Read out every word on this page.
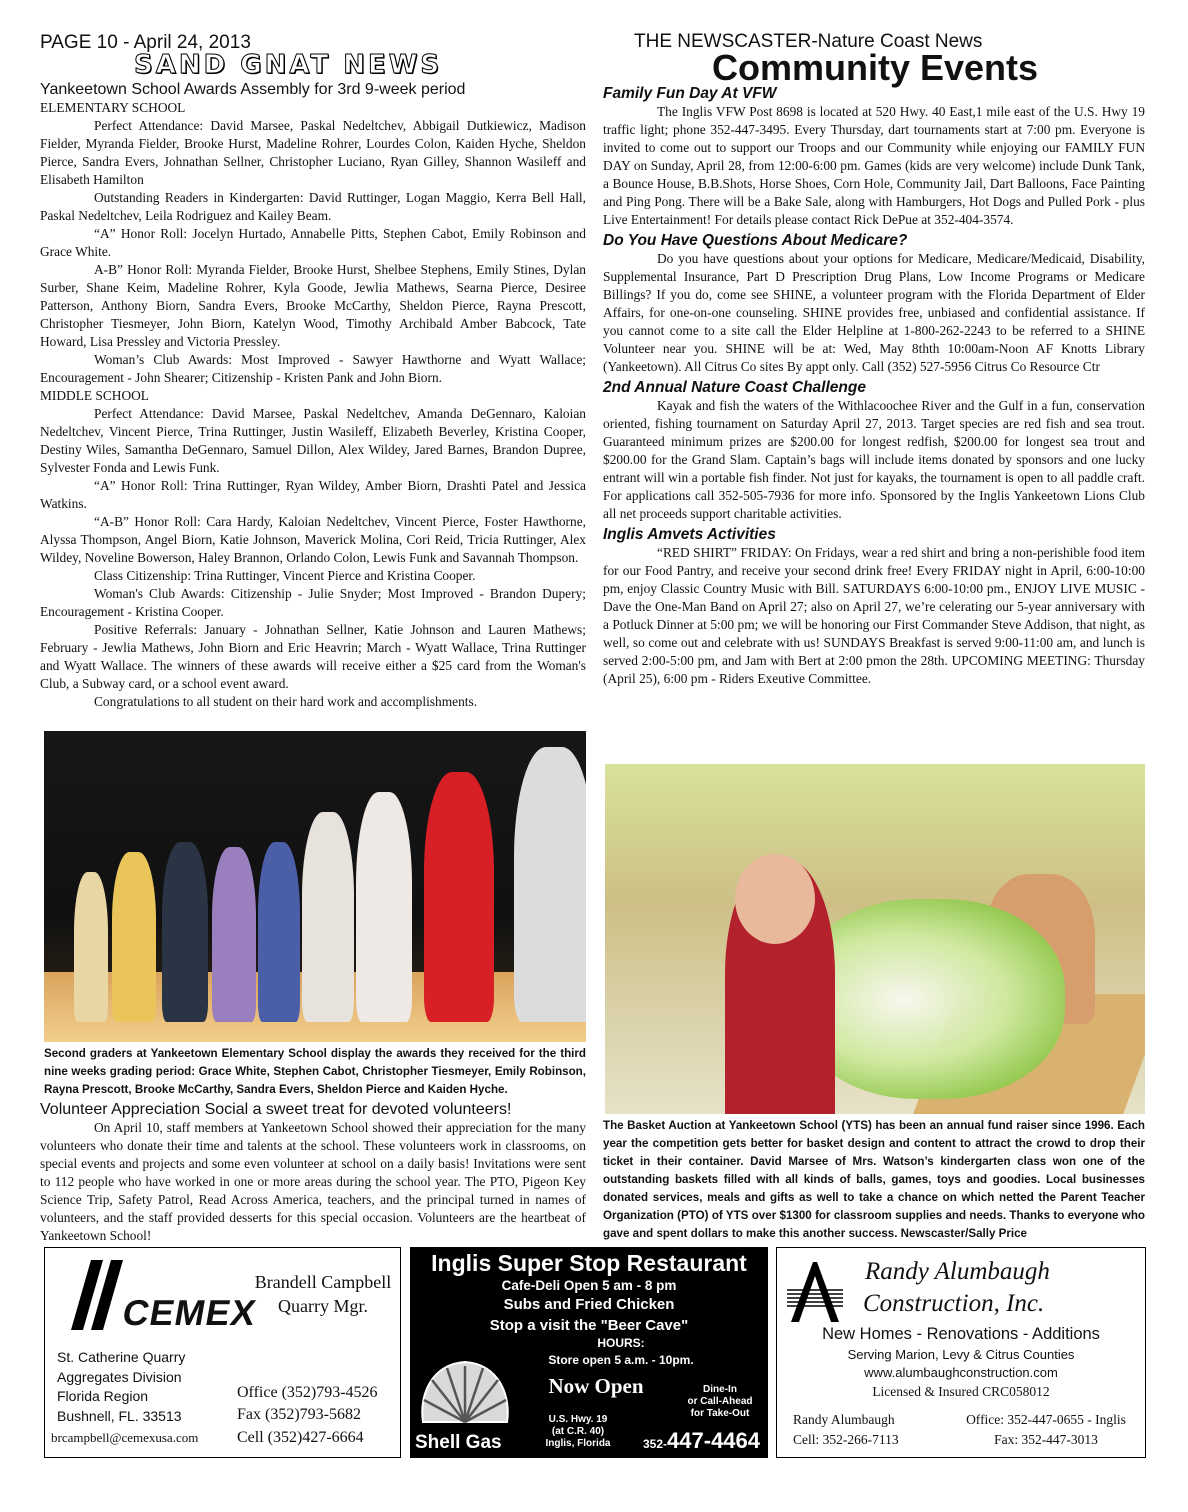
PAGE 10 - April 24, 2013
SAND GNAT NEWS
THE NEWSCASTER-Nature Coast News
Community Events
Yankeetown School Awards Assembly for 3rd 9-week period

ELEMENTARY SCHOOL

Perfect Attendance: David Marsee, Paskal Nedeltchev, Abbigail Dutkiewicz, Madison Fielder, Myranda Fielder, Brooke Hurst, Madeline Rohrer, Lourdes Colon, Kaiden Hyche, Sheldon Pierce, Sandra Evers, Johnathan Sellner, Christopher Luciano, Ryan Gilley, Shannon Wasileff and Elisabeth Hamilton

Outstanding Readers in Kindergarten: David Ruttinger, Logan Maggio, Kerra Bell Hall, Paskal Nedeltchev, Leila Rodriguez and Kailey Beam.

“A” Honor Roll: Jocelyn Hurtado, Annabelle Pitts, Stephen Cabot, Emily Robinson and Grace White.

A-B” Honor Roll: Myranda Fielder, Brooke Hurst, Shelbee Stephens, Emily Stines, Dylan Surber, Shane Keim, Madeline Rohrer, Kyla Goode, Jewlia Mathews, Searna Pierce, Desiree Patterson, Anthony Biorn, Sandra Evers, Brooke McCarthy, Sheldon Pierce, Rayna Prescott, Christopher Tiesmeyer, John Biorn, Katelyn Wood, Timothy Archibald Amber Babcock, Tate Howard, Lisa Pressley and Victoria Pressley.

Woman’s Club Awards: Most Improved - Sawyer Hawthorne and Wyatt Wallace; Encouragement - John Shearer; Citizenship - Kristen Pank and John Biorn.

MIDDLE SCHOOL

Perfect Attendance: David Marsee, Paskal Nedeltchev, Amanda DeGennaro, Kaloian Nedeltchev, Vincent Pierce, Trina Ruttinger, Justin Wasileff, Elizabeth Beverley, Kristina Cooper, Destiny Wiles, Samantha DeGennaro, Samuel Dillon, Alex Wildey, Jared Barnes, Brandon Dupree, Sylvester Fonda and Lewis Funk.

“A” Honor Roll: Trina Ruttinger, Ryan Wildey, Amber Biorn, Drashti Patel and Jessica Watkins.

“A-B” Honor Roll: Cara Hardy, Kaloian Nedeltchev, Vincent Pierce, Foster Hawthorne, Alyssa Thompson, Angel Biorn, Katie Johnson, Maverick Molina, Cori Reid, Tricia Ruttinger, Alex Wildey, Noveline Bowerson, Haley Brannon, Orlando Colon, Lewis Funk and Savannah Thompson.

Class Citizenship: Trina Ruttinger, Vincent Pierce and Kristina Cooper.

Woman's Club Awards: Citizenship - Julie Snyder; Most Improved - Brandon Dupery; Encouragement - Kristina Cooper.

Positive Referrals: January - Johnathan Sellner, Katie Johnson and Lauren Mathews; February - Jewlia Mathews, John Biorn and Eric Heavrin; March - Wyatt Wallace, Trina Ruttinger and Wyatt Wallace. The winners of these awards will receive either a $25 card from the Woman's Club, a Subway card, or a school event award.

Congratulations to all student on their hard work and accomplishments.

Second graders at Yankeetown Elementary School display the awards they received for the third nine weeks grading period: Grace White, Stephen Cabot, Christopher Tiesmeyer, Emily Robinson, Rayna Prescott, Brooke McCarthy, Sandra Evers, Sheldon Pierce and Kaiden Hyche.
Volunteer Appreciation Social a sweet treat for devoted volunteers!

On April 10, staff members at Yankeetown School showed their appreciation for the many volunteers who donate their time and talents at the school. These volunteers work in classrooms, on special events and projects and some even volunteer at school on a daily basis! Invitations were sent to 112 people who have worked in one or more areas during the school year. The PTO, Pigeon Key Science Trip, Safety Patrol, Read Across America, teachers, and the principal turned in names of volunteers, and the staff provided desserts for this special occasion. Volunteers are the heartbeat of Yankeetown School!

Family Fun Day At VFW

The Inglis VFW Post 8698 is located at 520 Hwy. 40 East,1 mile east of the U.S. Hwy 19 traffic light; phone 352-447-3495. Every Thursday, dart tournaments start at 7:00 pm. Everyone is invited to come out to support our Troops and our Community while enjoying our FAMILY FUN DAY on Sunday, April 28, from 12:00-6:00 pm. Games (kids are very welcome) include Dunk Tank, a Bounce House, B.B.Shots, Horse Shoes, Corn Hole, Community Jail, Dart Balloons, Face Painting and Ping Pong. There will be a Bake Sale, along with Hamburgers, Hot Dogs and Pulled Pork - plus Live Entertainment! For details please contact Rick DePue at 352-404-3574.

Do You Have Questions About Medicare?

Do you have questions about your options for Medicare, Medicare/Medicaid, Disability, Supplemental Insurance, Part D Prescription Drug Plans, Low Income Programs or Medicare Billings? If you do, come see SHINE, a volunteer program with the Florida Department of Elder Affairs, for one-on-one counseling. SHINE provides free, unbiased and confidential assistance. If you cannot come to a site call the Elder Helpline at 1-800-262-2243 to be referred to a SHINE Volunteer near you. SHINE will be at: Wed, May 8thth 10:00am-Noon AF Knotts Library (Yankeetown). All Citrus Co sites By appt only. Call (352) 527-5956 Citrus Co Resource Ctr

2nd Annual Nature Coast Challenge

Kayak and fish the waters of the Withlacoochee River and the Gulf in a fun, conservation oriented, fishing tournament on Saturday April 27, 2013. Target species are red fish and sea trout. Guaranteed minimum prizes are $200.00 for longest redfish, $200.00 for longest sea trout and $200.00 for the Grand Slam. Captain’s bags will include items donated by sponsors and one lucky entrant will win a portable fish finder. Not just for kayaks, the tournament is open to all paddle craft. For applications call 352-505-7936 for more info. Sponsored by the Inglis Yankeetown Lions Club all net proceeds support charitable activities.

Inglis Amvets Activities

“RED SHIRT” FRIDAY: On Fridays, wear a red shirt and bring a non-perishible food item for our Food Pantry, and receive your second drink free! Every FRIDAY night in April, 6:00-10:00 pm, enjoy Classic Country Music with Bill. SATURDAYS 6:00-10:00 pm., ENJOY LIVE MUSIC - Dave the One-Man Band on April 27; also on April 27, we’re celerating our 5-year anniversary with a Potluck Dinner at 5:00 pm; we will be honoring our First Commander Steve Addison, that night, as well, so come out and celebrate with us! SUNDAYS Breakfast is served 9:00-11:00 am, and lunch is served 2:00-5:00 pm, and Jam with Bert at 2:00 pmon the 28th. UPCOMING MEETING: Thursday (April 25), 6:00 pm - Riders Exeutive Committee.

The Basket Auction at Yankeetown School (YTS) has been an annual fund raiser since 1996. Each year the competition gets better for basket design and content to attract the crowd to drop their ticket in their container. David Marsee of Mrs. Watson’s kindergarten class won one of the outstanding baskets filled with all kinds of balls, games, toys and goodies. Local businesses donated services, meals and gifts as well to take a chance on which netted the Parent Teacher Organization (PTO) of YTS over $1300 for classroom supplies and needs. Thanks to everyone who gave and spent dollars to make this another success. Newscaster/Sally Price
CEMEX
Brandell Campbell
Quarry Mgr.
St. Catherine Quarry
Aggregates Division
Florida Region
Bushnell, FL. 33513
brcampbell@cemexusa.com
Office (352)793-4526
Fax (352)793-5682
Cell (352)427-6664
Inglis Super Stop Restaurant
Cafe-Deli Open 5 am - 8 pm
Subs and Fried Chicken
Stop a visit the "Beer Cave"
HOURS:
Store open 5 a.m. - 10pm.
Shell Gas
Now Open	Dine-In
or Call-Ahead
for Take-Out
U.S. Hwy. 19
(at C.R. 40)
Inglis, Florida	352-447-4464
Randy Alumbaugh
Construction, Inc.
New Homes - Renovations - Additions
Serving Marion, Levy & Citrus Counties
www.alumbaughconstruction.com
Licensed & Insured CRC058012
Randy Alumbaugh
Cell: 352-266-7113
Office: 352-447-0655 - Inglis
Fax: 352-447-3013
